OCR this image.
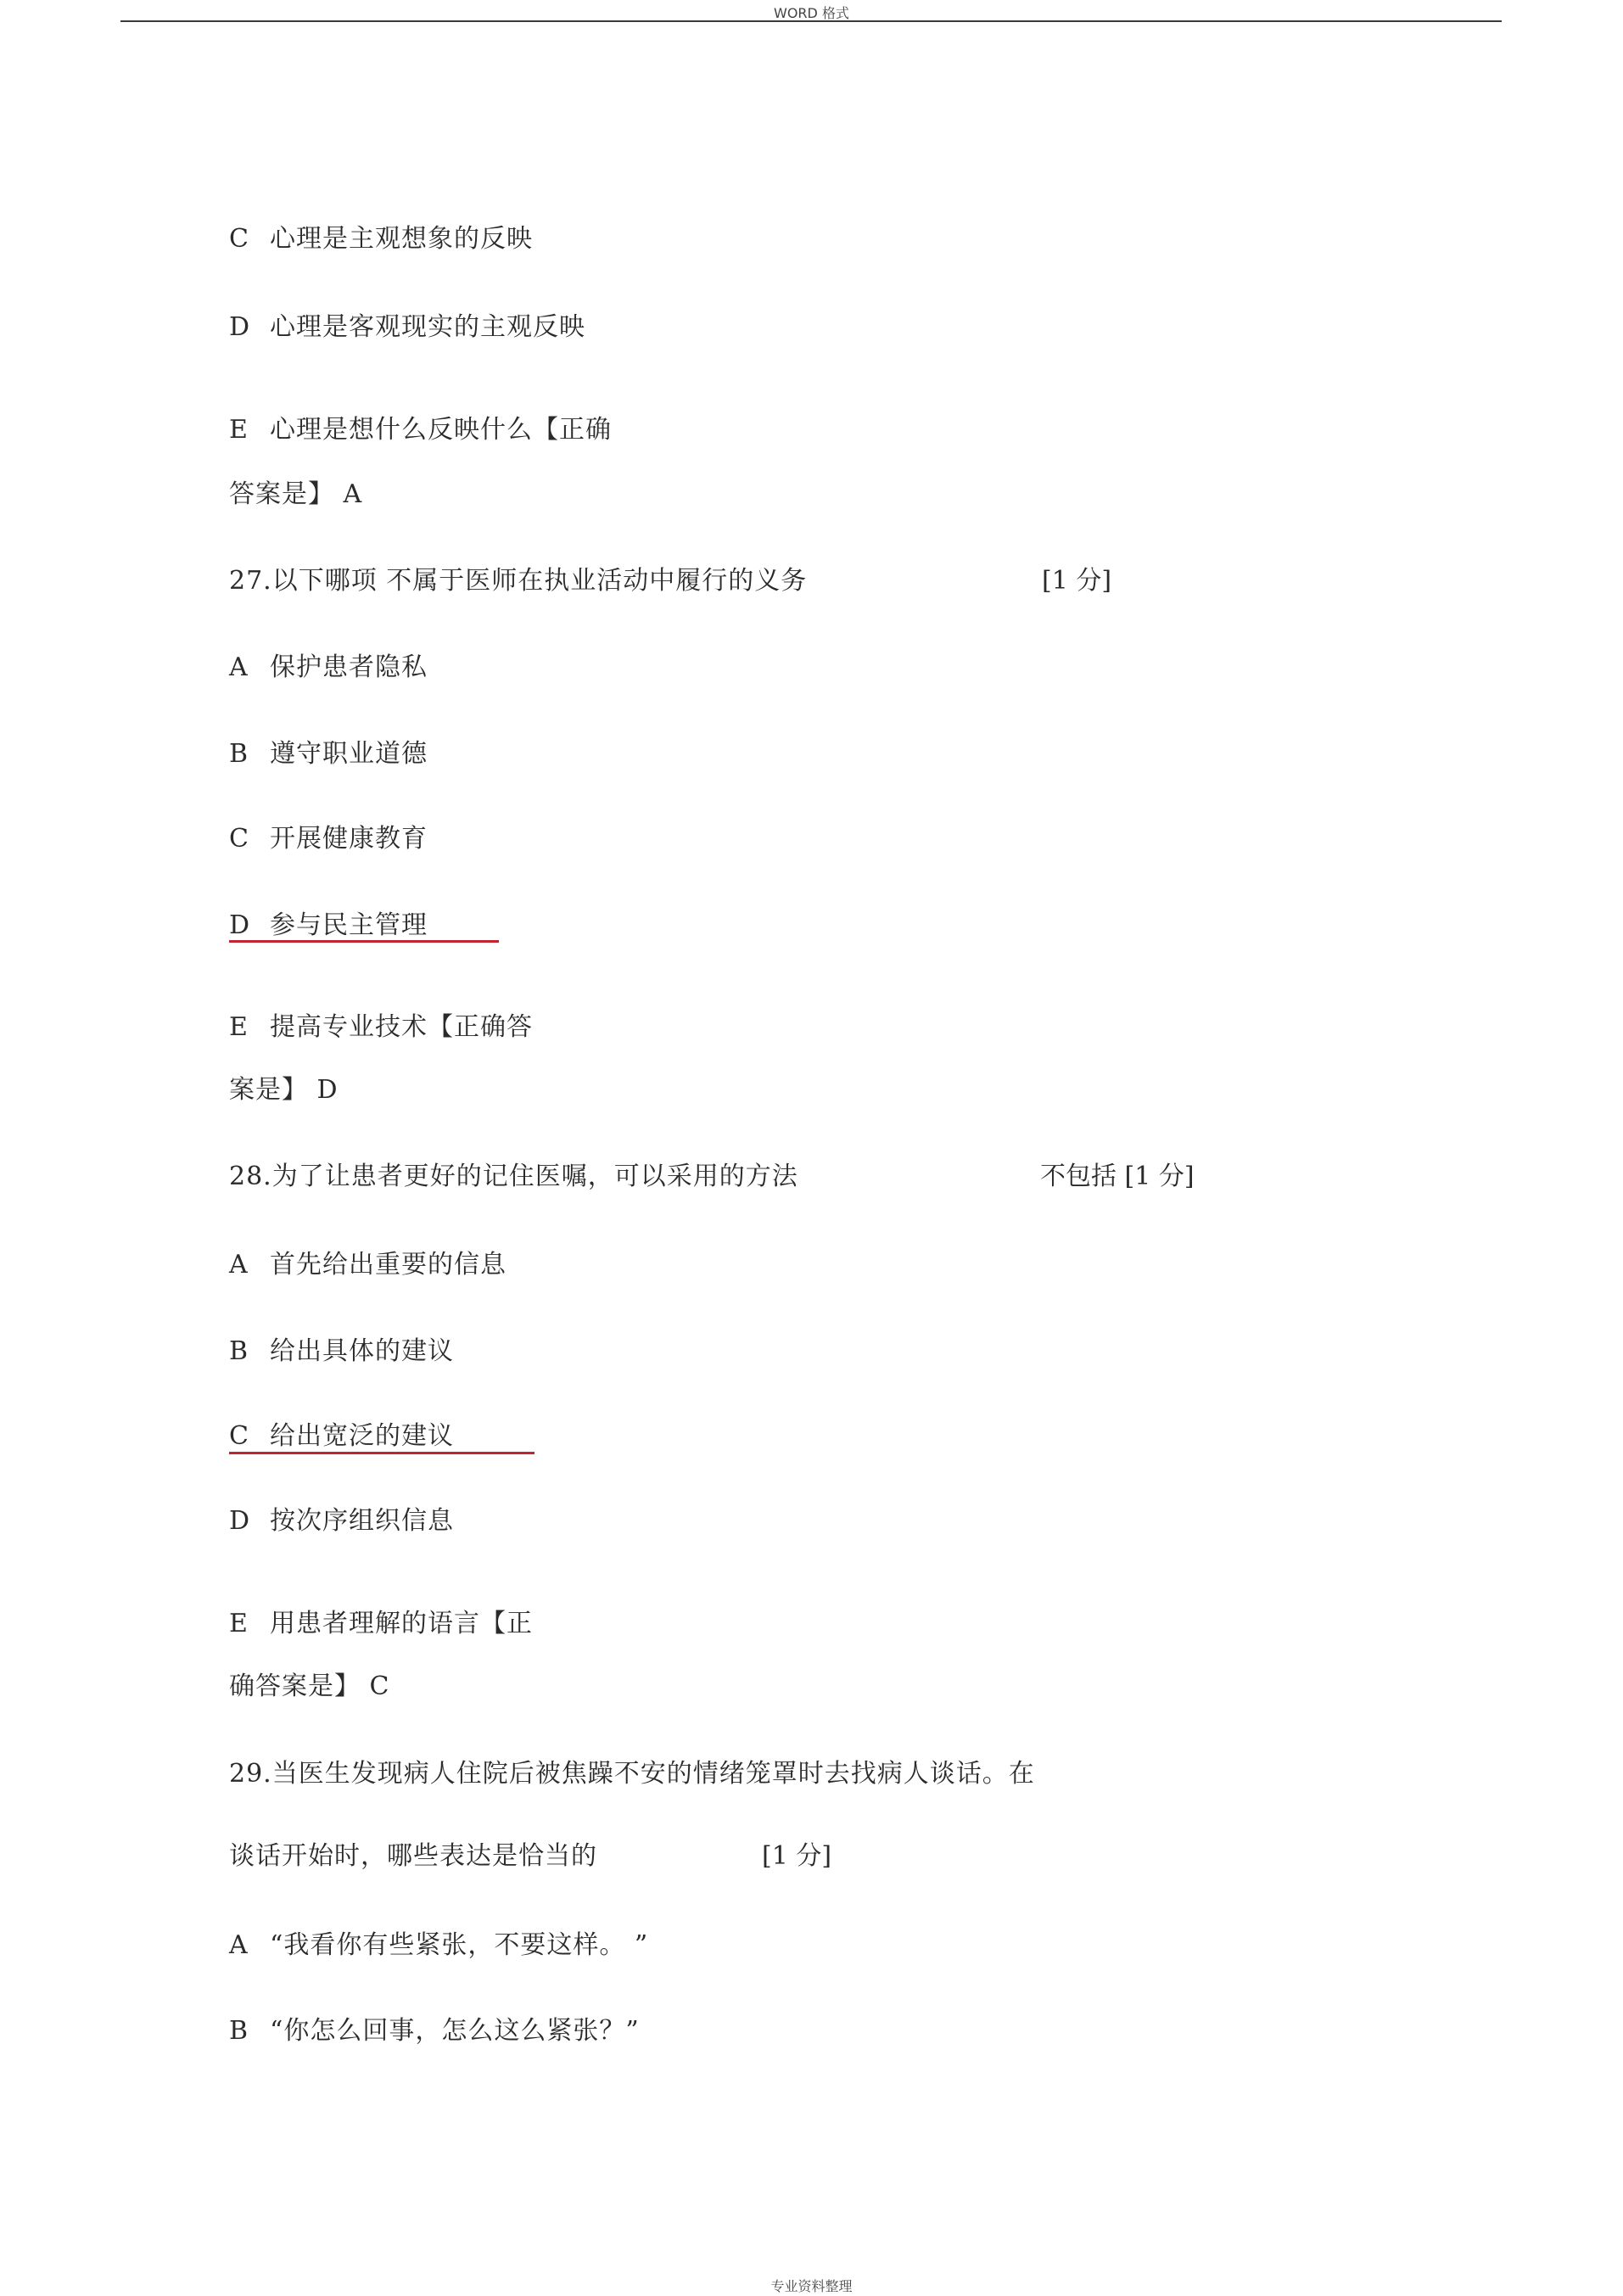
WORD 格式
C 心理是主观想象的反映
D 心理是客观现实的主观反映
E 心理是想什么反映什么【正确
答案是】 A
27.以下哪项 不属于医师在执业活动中履行的义务	[1 分]
A 保护患者隐私
B 遵守职业道德
C 开展健康教育
D 参与民主管理
E 提高专业技术【正确答
案是】 D
28.为了让患者更好的记住医嘱，可以采用的方法	不包括 [1 分]
A 首先给出重要的信息
B 给出具体的建议
C 给出宽泛的建议
D 按次序组织信息
E 用患者理解的语言【正
确答案是】 C
29.当医生发现病人住院后被焦躁不安的情绪笼罩时去找病人谈话。在
谈话开始时，哪些表达是恰当的	[1 分]
A “我看你有些紧张，不要这样。 ”
B “你怎么回事，怎么这么紧张？”
专业资料整理
